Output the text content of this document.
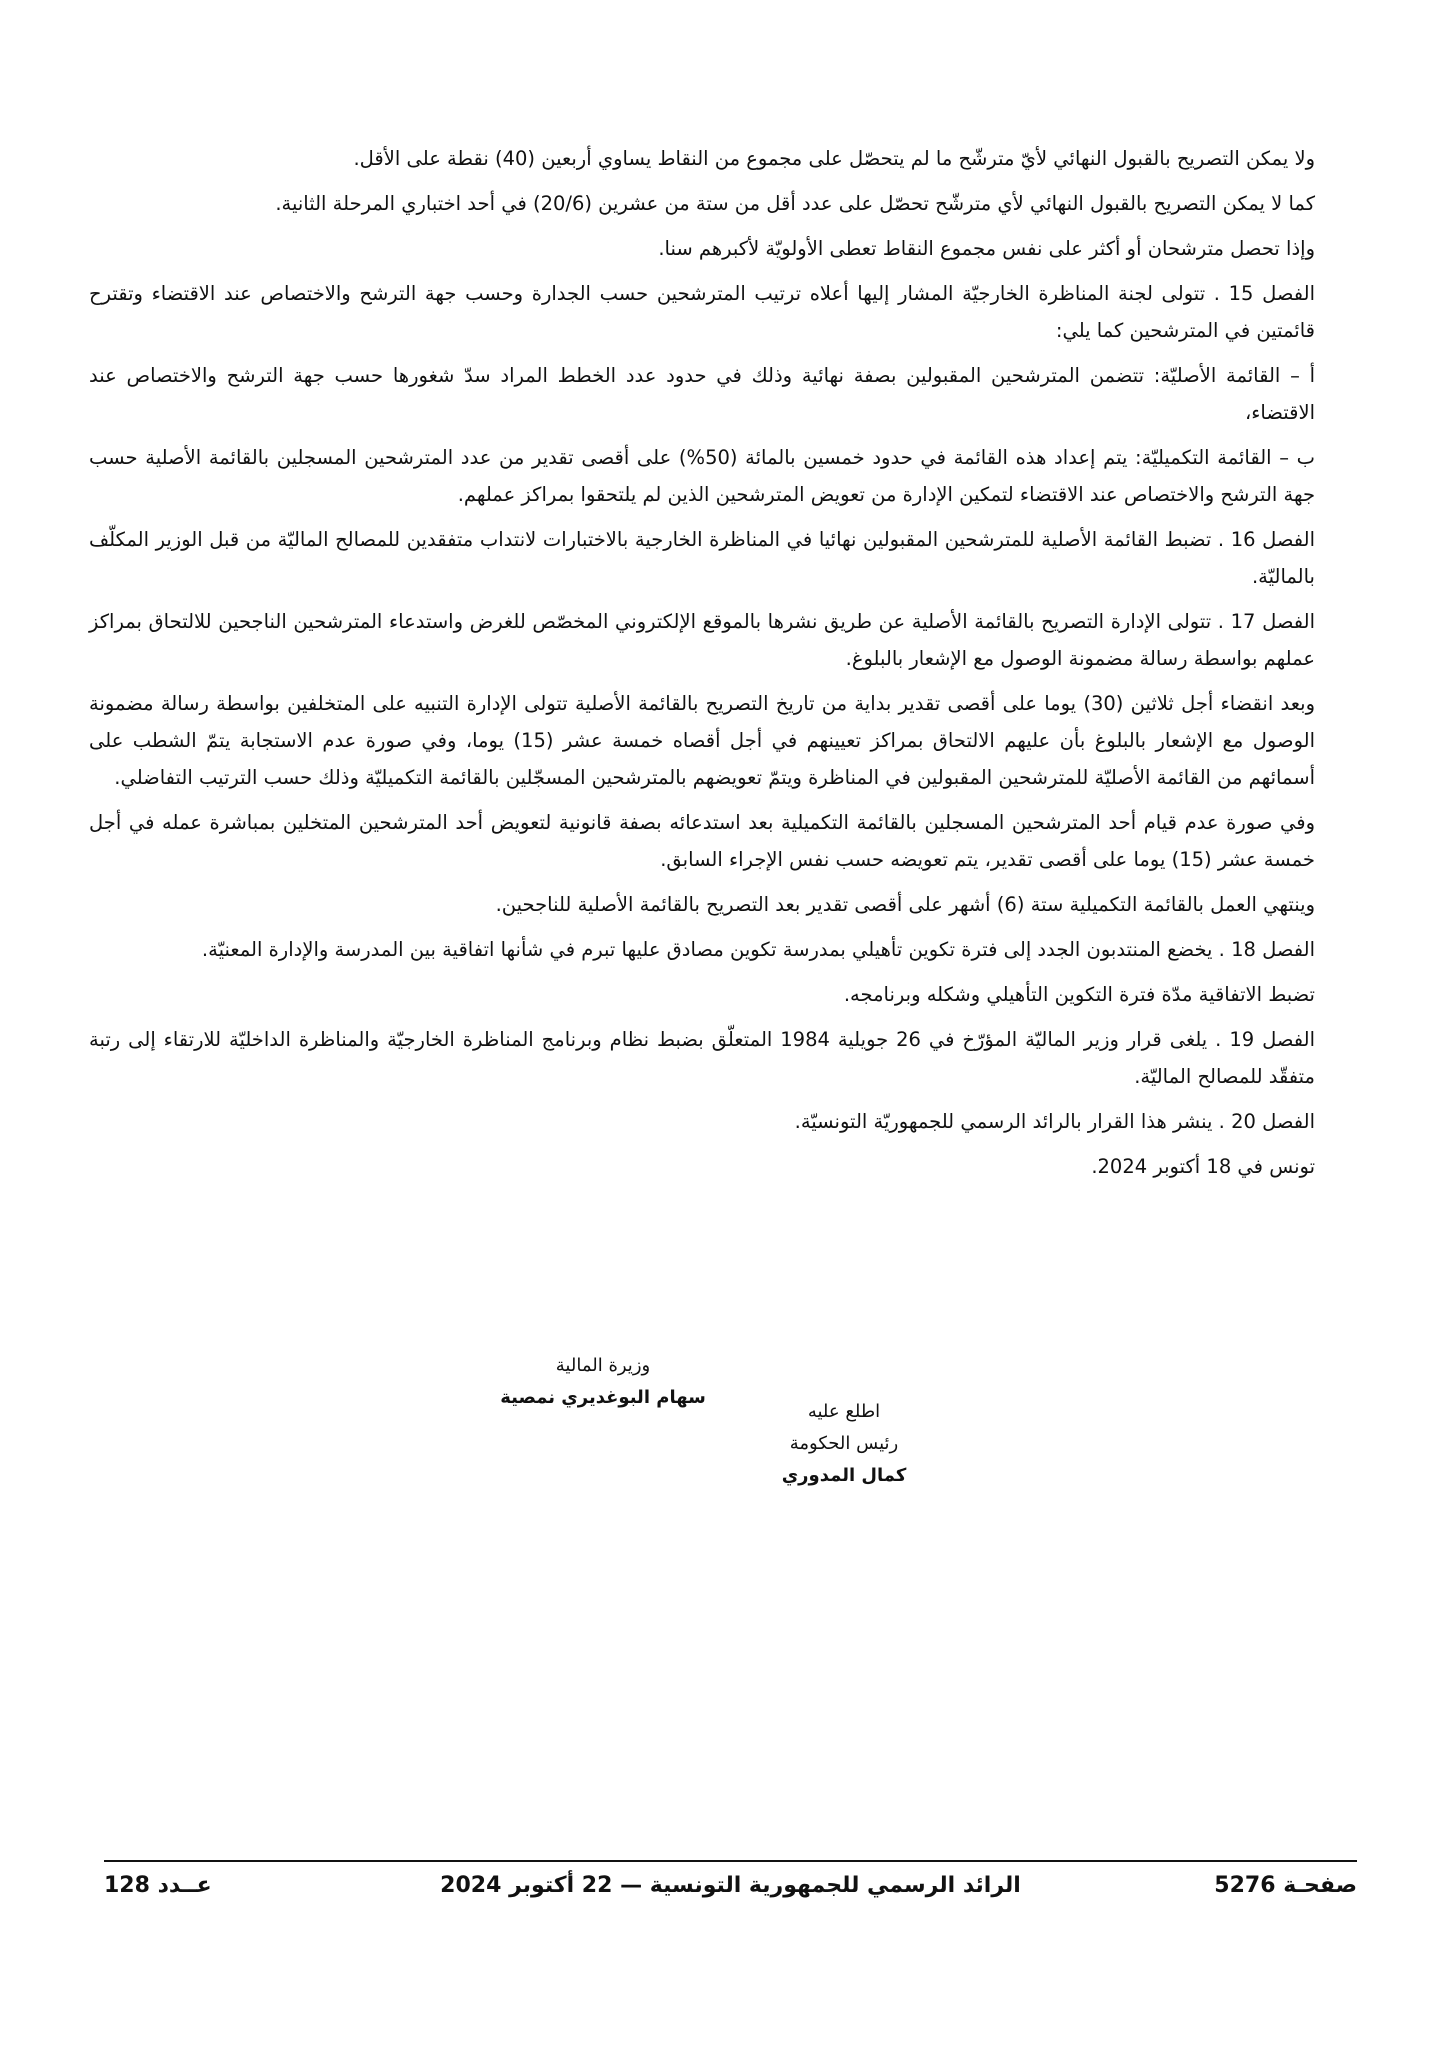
ولا يمكن التصريح بالقبول النهائي لأيّ مترشّح ما لم يتحصّل على مجموع من النقاط يساوي أربعين (40) نقطة على الأقل.

كما لا يمكن التصريح بالقبول النهائي لأي مترشّح تحصّل على عدد أقل من ستة من عشرين (20/6) في أحد اختباري المرحلة الثانية.

وإذا تحصل مترشحان أو أكثر على نفس مجموع النقاط تعطى الأولويّة لأكبرهم سنا.

الفصل 15 . تتولى لجنة المناظرة الخارجيّة المشار إليها أعلاه ترتيب المترشحين حسب الجدارة وحسب جهة الترشح والاختصاص عند الاقتضاء وتقترح قائمتين في المترشحين كما يلي:

أ – القائمة الأصليّة: تتضمن المترشحين المقبولين بصفة نهائية وذلك في حدود عدد الخطط المراد سدّ شغورها حسب جهة الترشح والاختصاص عند الاقتضاء،

ب – القائمة التكميليّة: يتم إعداد هذه القائمة في حدود خمسين بالمائة (50%) على أقصى تقدير من عدد المترشحين المسجلين بالقائمة الأصلية حسب جهة الترشح والاختصاص عند الاقتضاء لتمكين الإدارة من تعويض المترشحين الذين لم يلتحقوا بمراكز عملهم.

الفصل 16 . تضبط القائمة الأصلية للمترشحين المقبولين نهائيا في المناظرة الخارجية بالاختبارات لانتداب متفقدين للمصالح الماليّة من قبل الوزير المكلّف بالماليّة.

الفصل 17 . تتولى الإدارة التصريح بالقائمة الأصلية عن طريق نشرها بالموقع الإلكتروني المخصّص للغرض واستدعاء المترشحين الناجحين للالتحاق بمراكز عملهم بواسطة رسالة مضمونة الوصول مع الإشعار بالبلوغ.

وبعد انقضاء أجل ثلاثين (30) يوما على أقصى تقدير بداية من تاريخ التصريح بالقائمة الأصلية تتولى الإدارة التنبيه على المتخلفين بواسطة رسالة مضمونة الوصول مع الإشعار بالبلوغ بأن عليهم الالتحاق بمراكز تعيينهم في أجل أقصاه خمسة عشر (15) يوما، وفي صورة عدم الاستجابة يتمّ الشطب على أسمائهم من القائمة الأصليّة للمترشحين المقبولين في المناظرة ويتمّ تعويضهم بالمترشحين المسجّلين بالقائمة التكميليّة وذلك حسب الترتيب التفاضلي.

وفي صورة عدم قيام أحد المترشحين المسجلين بالقائمة التكميلية بعد استدعائه بصفة قانونية لتعويض أحد المترشحين المتخلين بمباشرة عمله في أجل خمسة عشر (15) يوما على أقصى تقدير، يتم تعويضه حسب نفس الإجراء السابق.

وينتهي العمل بالقائمة التكميلية ستة (6) أشهر على أقصى تقدير بعد التصريح بالقائمة الأصلية للناجحين.

الفصل 18 . يخضع المنتدبون الجدد إلى فترة تكوين تأهيلي بمدرسة تكوين مصادق عليها تبرم في شأنها اتفاقية بين المدرسة والإدارة المعنيّة.

تضبط الاتفاقية مدّة فترة التكوين التأهيلي وشكله وبرنامجه.

الفصل 19 . يلغى قرار وزير الماليّة المؤرّخ في 26 جويلية 1984 المتعلّق بضبط نظام وبرنامج المناظرة الخارجيّة والمناظرة الداخليّة للارتقاء إلى رتبة متفقّد للمصالح الماليّة.

الفصل 20 . ينشر هذا القرار بالرائد الرسمي للجمهوريّة التونسيّة.

تونس في 18 أكتوبر 2024.

وزيرة المالية
سهام البوغديري نمصية
اطلع عليه
رئيس الحكومة
كمال المدوري
صفحـة 5276
الرائد الرسمي للجمهورية التونسية — 22 أكتوبر 2024
عــدد 128
